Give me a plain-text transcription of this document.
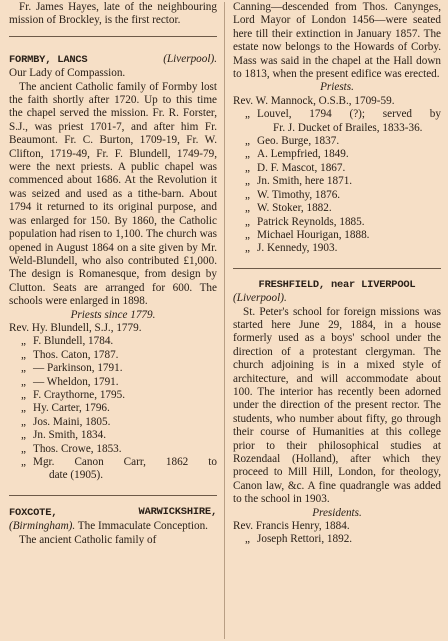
Fr. James Hayes, late of the neighbouring mission of Brockley, is the first rector.

FORMBY, LANCS	(Liverpool).

Our Lady of Compassion.

The ancient Catholic family of Formby lost the faith shortly after 1720. Up to this time the chapel served the mission. Fr. R. Forster, S.J., was priest 1701-7, and after him Fr. Beaumont. Fr. C. Burton, 1709-19, Fr. W. Clifton, 1719-49, Fr. F. Blundell, 1749-79, were the next priests. A public chapel was commenced about 1686. At the Revolution it was seized and used as a tithe-barn. About 1794 it returned to its original purpose, and was enlarged for 150. By 1860, the Catholic population had risen to 1,100. The church was opened in August 1864 on a site given by Mr. Weld-Blundell, who also contributed £1,000. The design is Romanesque, from design by Clutton. Seats are arranged for 600. The schools were enlarged in 1898.

Priests since 1779.

Rev. Hy. Blundell, S.J., 1779.
„ F. Blundell, 1784.
„ Thos. Caton, 1787.
„ — Parkinson, 1791.
„ — Wheldon, 1791.
„ F. Craythorne, 1795.
„ Hy. Carter, 1796.
„ Jos. Maini, 1805.
„ Jn. Smith, 1834.
„ Thos. Crowe, 1853.
„ Mgr. Canon Carr, 1862 to
date (1905).

FOXCOTE,	WARWICKSHIRE,

(Birmingham). The Immaculate Conception.

The ancient Catholic family of

Canning—descended from Thos. Canynges, Lord Mayor of London 1456—were seated here till their extinction in January 1857. The estate now belongs to the Howards of Corby. Mass was said in the chapel at the Hall down to 1813, when the present edifice was erected.

Priests.

Rev. W. Mannock, O.S.B., 1709-59.
„ Louvel, 1794 (?); served by
Fr. J. Ducket of Brailes, 1833-36.
„ Geo. Burge, 1837.
„ A. Lempfried, 1849.
„ D. F. Mascot, 1867.
„ Jn. Smith, here 1871.
„ W. Timothy, 1876.
„ W. Stoker, 1882.
„ Patrick Reynolds, 1885.
„ Michael Hourigan, 1888.
„ J. Kennedy, 1903.

FRESHFIELD, near LIVERPOOL

(Liverpool).

St. Peter's school for foreign missions was started here June 29, 1884, in a house formerly used as a boys' school under the direction of a protestant clergyman. The church adjoining is in a mixed style of architecture, and will accommodate about 100. The interior has recently been adorned under the direction of the present rector. The students, who number about fifty, go through their course of Humanities at this college prior to their philosophical studies at Rozendaal (Holland), after which they proceed to Mill Hill, London, for theology, Canon law, &c. A fine quadrangle was added to the school in 1903.

Presidents.

Rev. Francis Henry, 1884.
„ Joseph Rettori, 1892.
